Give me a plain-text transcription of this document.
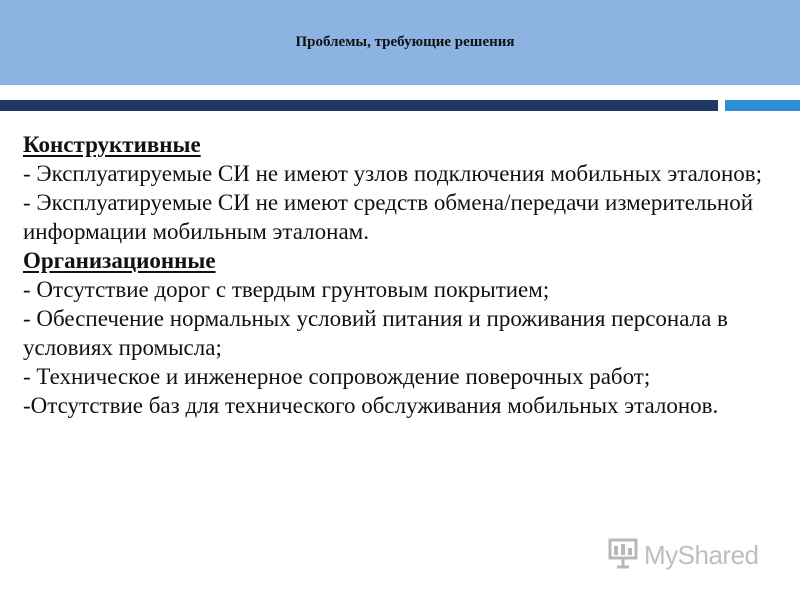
Проблемы, требующие решения

Конструктивные

- Эксплуатируемые СИ не имеют узлов подключения мобильных эталонов;

- Эксплуатируемые СИ не имеют средств обмена/передачи измерительной информации мобильным эталонам.

Организационные

- Отсутствие дорог с твердым грунтовым покрытием;

- Обеспечение нормальных условий питания и проживания персонала в условиях промысла;

- Техническое и инженерное сопровождение поверочных работ;

-Отсутствие баз для технического обслуживания мобильных эталонов.

MyShared
